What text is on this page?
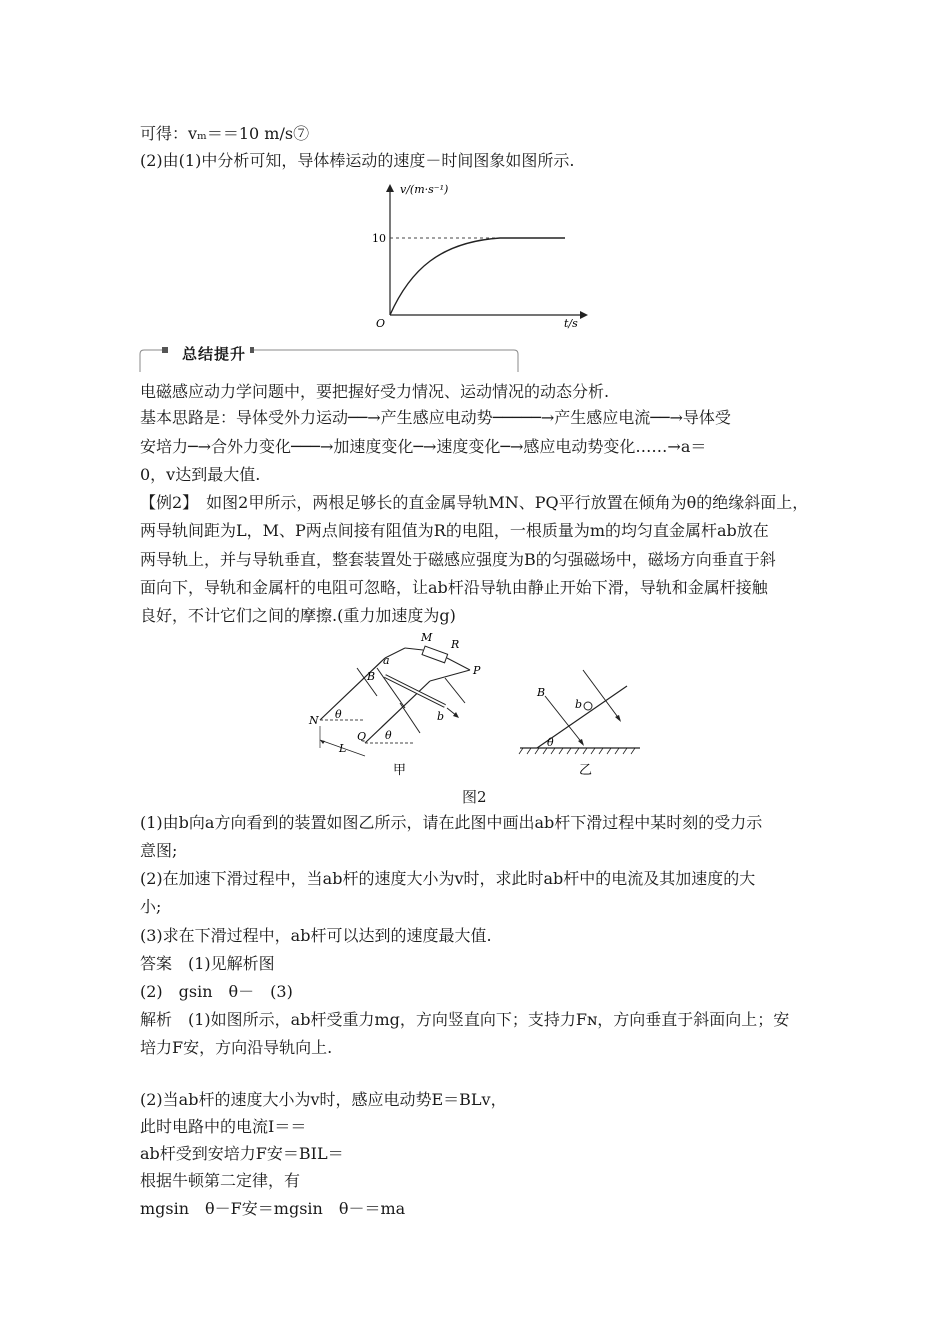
可得：vₘ＝＝10 m/s⑦
(2)由(1)中分析可知，导体棒运动的速度－时间图象如图所示.
v/(m·s⁻¹)
10
O	t/s
总结提升
电磁感应动力学问题中，要把握好受力情况、运动情况的动态分析.
基本思路是：导体受外力运动──→产生感应电动势─────→产生感应电流──→导体受
安培力─→合外力变化───→加速度变化─→速度变化─→感应电动势变化……→a＝
0，v达到最大值.
【例2】　如图2甲所示，两根足够长的直金属导轨MN、PQ平行放置在倾角为θ的绝缘斜面上，
两导轨间距为L，M、P两点间接有阻值为R的电阻，一根质量为m的均匀直金属杆ab放在
两导轨上，并与导轨垂直，整套装置处于磁感应强度为B的匀强磁场中，磁场方向垂直于斜
面向下，导轨和金属杆的电阻可忽略，让ab杆沿导轨由静止开始下滑，导轨和金属杆接触
良好，不计它们之间的摩擦.(重力加速度为g)
M
R
P
a
B
b
N θ
Q θ
L
甲
B
b
θ
乙
图2
(1)由b向a方向看到的装置如图乙所示，请在此图中画出ab杆下滑过程中某时刻的受力示
意图;
(2)在加速下滑过程中，当ab杆的速度大小为v时，求此时ab杆中的电流及其加速度的大
小;
(3)求在下滑过程中，ab杆可以达到的速度最大值.
答案　(1)见解析图
(2)　gsin　θ－　(3)
解析　(1)如图所示，ab杆受重力mg，方向竖直向下；支持力Fɴ，方向垂直于斜面向上；安
培力F安，方向沿导轨向上.
(2)当ab杆的速度大小为v时，感应电动势E＝BLv，
此时电路中的电流I＝＝
ab杆受到安培力F安＝BIL＝
根据牛顿第二定律，有
mgsin　θ－F安＝mgsin　θ－＝ma
